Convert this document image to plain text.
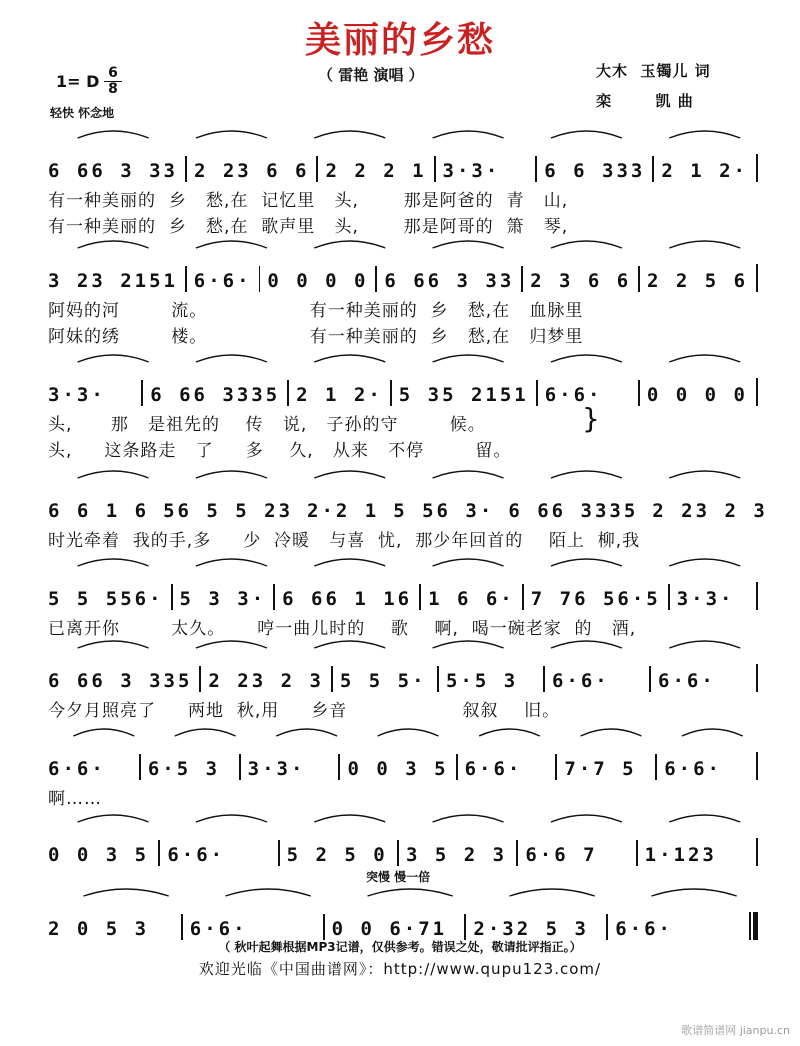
美丽的乡愁
（ 雷艳 演唱 ）	大木  玉镯儿 词
栾       凯 曲
1= D 6
8
轻快 怀念地
6 66 3 33 2 23 6 6 2 2 2 1 3·3·	6 6 333 2 1 2·
有一种美丽的  乡   愁,在  记忆里   头,       那是阿爸的  青   山,
有一种美丽的  乡   愁,在  歌声里   头,       那是阿哥的  箫   琴,
3 23 2151 6·6· 0 0 0 0 6 66 3 33 2 3 6 6 2 2 5 6
阿妈的河        流。                有一种美丽的  乡   愁,在   血脉里
阿妹的绣        楼。                有一种美丽的  乡   愁,在   归梦里
3·3·	6 66 3335 2 1 2· 5 35 2151 6·6·	0 0 0 0
头,      那   是祖先的    传   说,   子孙的守        候。
头,     这条路走   了     多    久,   从来   不停        留。
6 6 1 6 56 5 5 23 2·2 1 5 56 3· 6 66 3335 2 23 2 3
时光牵着  我的手,多     少  冷暖   与喜  忧,  那少年回首的    陌上  柳,我
5 5 556· 5 3 3· 6 66 1 16 1 6 6· 7 76 56·5 3·3·
已离开你        太久。     哼一曲儿时的    歌    啊,  喝一碗老家  的   酒,
6 66 3 335 2 23 2 3 5 5 5· 5·5 3	6·6·	6·6·
今夕月照亮了     两地  秋,用     乡音                  叙叙    旧。
6·6·	6·5 3	3·3·	0 0 3 5 6·6·	7·7 5	6·6·
啊……
0 0 3 5 6·6·	5 2 5 0 3 5 2 3 6·6 7	1·123
2 0 5 3	6·6·	0 0 6·71	2·32 5 3	6·6·
突慢 慢一倍
（ 秋叶起舞根据MP3记谱，仅供参考。错误之处，敬请批评指正。）
欢迎光临《中国曲谱网》：http://www.qupu123.com/
歌谱简谱网 jianpu.cn
}
